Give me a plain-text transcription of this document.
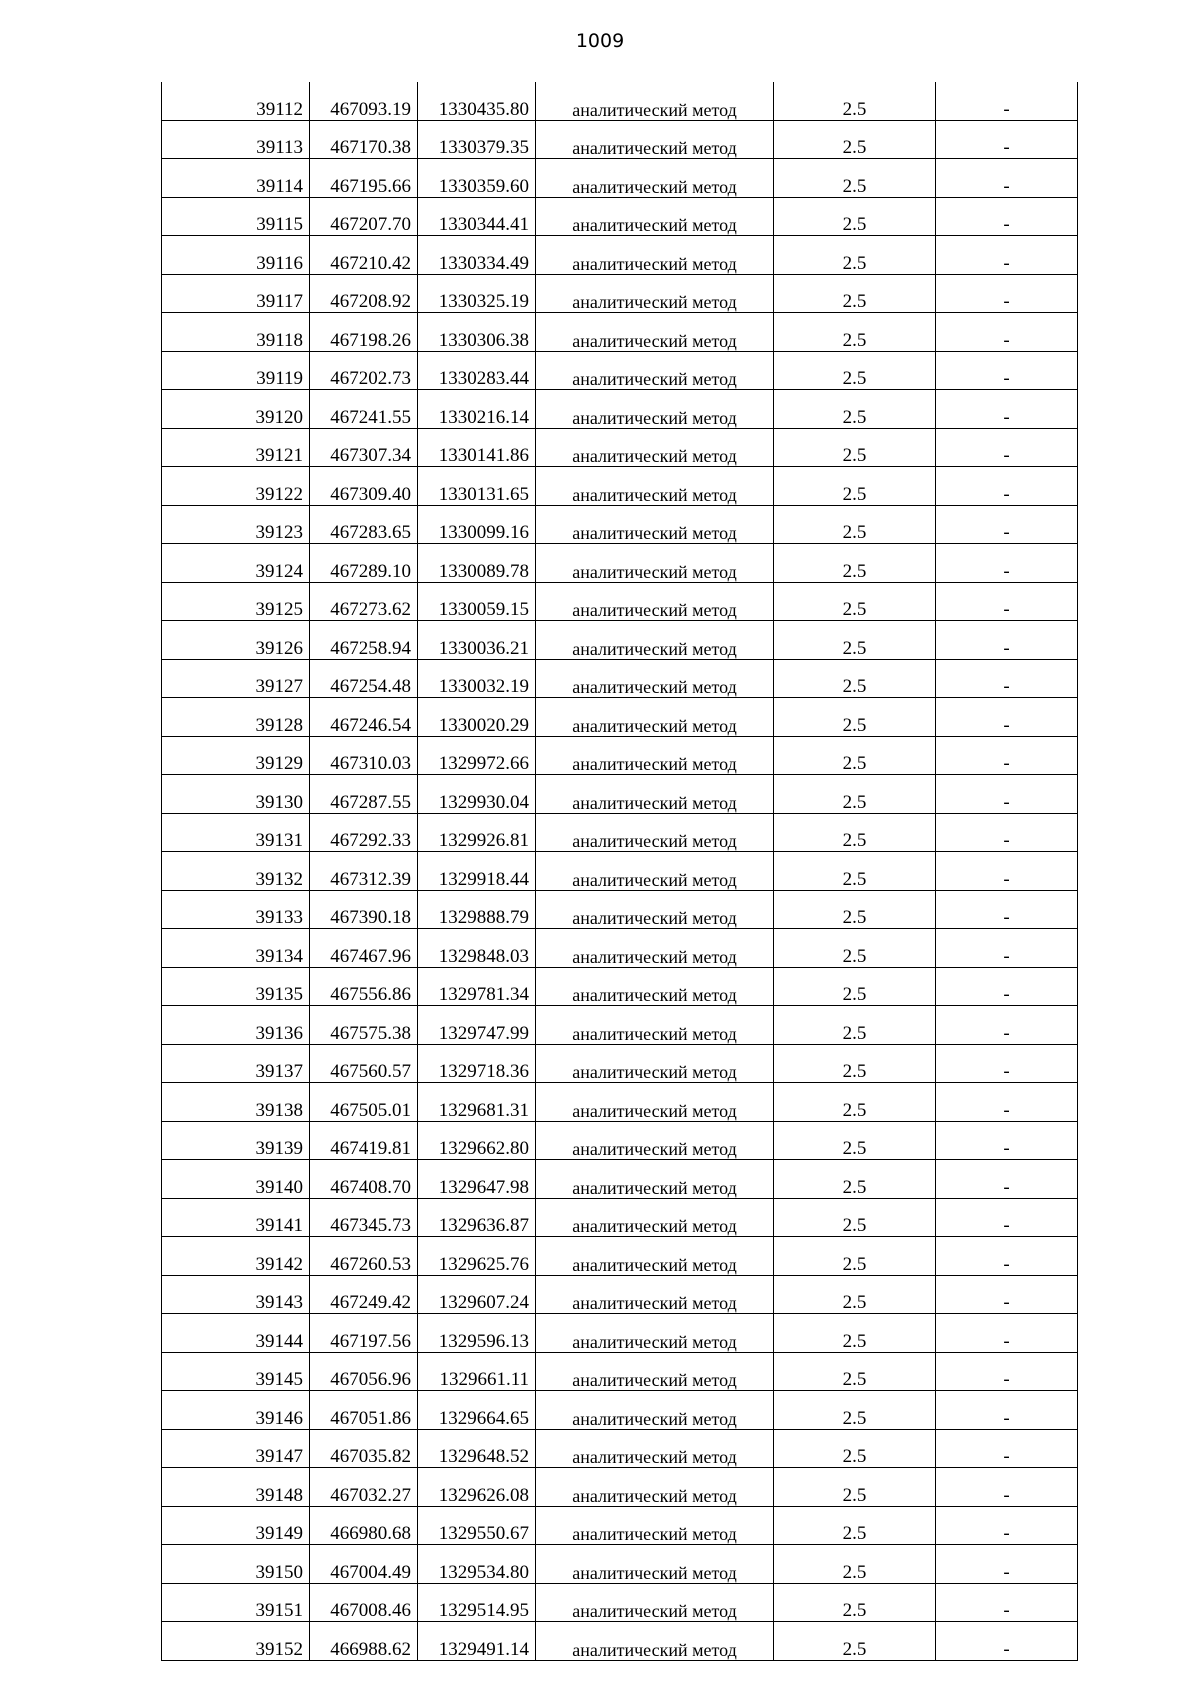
1009
39112	467093.19	1330435.80	аналитический метод	2.5	-
39113	467170.38	1330379.35	аналитический метод	2.5	-
39114	467195.66	1330359.60	аналитический метод	2.5	-
39115	467207.70	1330344.41	аналитический метод	2.5	-
39116	467210.42	1330334.49	аналитический метод	2.5	-
39117	467208.92	1330325.19	аналитический метод	2.5	-
39118	467198.26	1330306.38	аналитический метод	2.5	-
39119	467202.73	1330283.44	аналитический метод	2.5	-
39120	467241.55	1330216.14	аналитический метод	2.5	-
39121	467307.34	1330141.86	аналитический метод	2.5	-
39122	467309.40	1330131.65	аналитический метод	2.5	-
39123	467283.65	1330099.16	аналитический метод	2.5	-
39124	467289.10	1330089.78	аналитический метод	2.5	-
39125	467273.62	1330059.15	аналитический метод	2.5	-
39126	467258.94	1330036.21	аналитический метод	2.5	-
39127	467254.48	1330032.19	аналитический метод	2.5	-
39128	467246.54	1330020.29	аналитический метод	2.5	-
39129	467310.03	1329972.66	аналитический метод	2.5	-
39130	467287.55	1329930.04	аналитический метод	2.5	-
39131	467292.33	1329926.81	аналитический метод	2.5	-
39132	467312.39	1329918.44	аналитический метод	2.5	-
39133	467390.18	1329888.79	аналитический метод	2.5	-
39134	467467.96	1329848.03	аналитический метод	2.5	-
39135	467556.86	1329781.34	аналитический метод	2.5	-
39136	467575.38	1329747.99	аналитический метод	2.5	-
39137	467560.57	1329718.36	аналитический метод	2.5	-
39138	467505.01	1329681.31	аналитический метод	2.5	-
39139	467419.81	1329662.80	аналитический метод	2.5	-
39140	467408.70	1329647.98	аналитический метод	2.5	-
39141	467345.73	1329636.87	аналитический метод	2.5	-
39142	467260.53	1329625.76	аналитический метод	2.5	-
39143	467249.42	1329607.24	аналитический метод	2.5	-
39144	467197.56	1329596.13	аналитический метод	2.5	-
39145	467056.96	1329661.11	аналитический метод	2.5	-
39146	467051.86	1329664.65	аналитический метод	2.5	-
39147	467035.82	1329648.52	аналитический метод	2.5	-
39148	467032.27	1329626.08	аналитический метод	2.5	-
39149	466980.68	1329550.67	аналитический метод	2.5	-
39150	467004.49	1329534.80	аналитический метод	2.5	-
39151	467008.46	1329514.95	аналитический метод	2.5	-
39152	466988.62	1329491.14	аналитический метод	2.5	-
